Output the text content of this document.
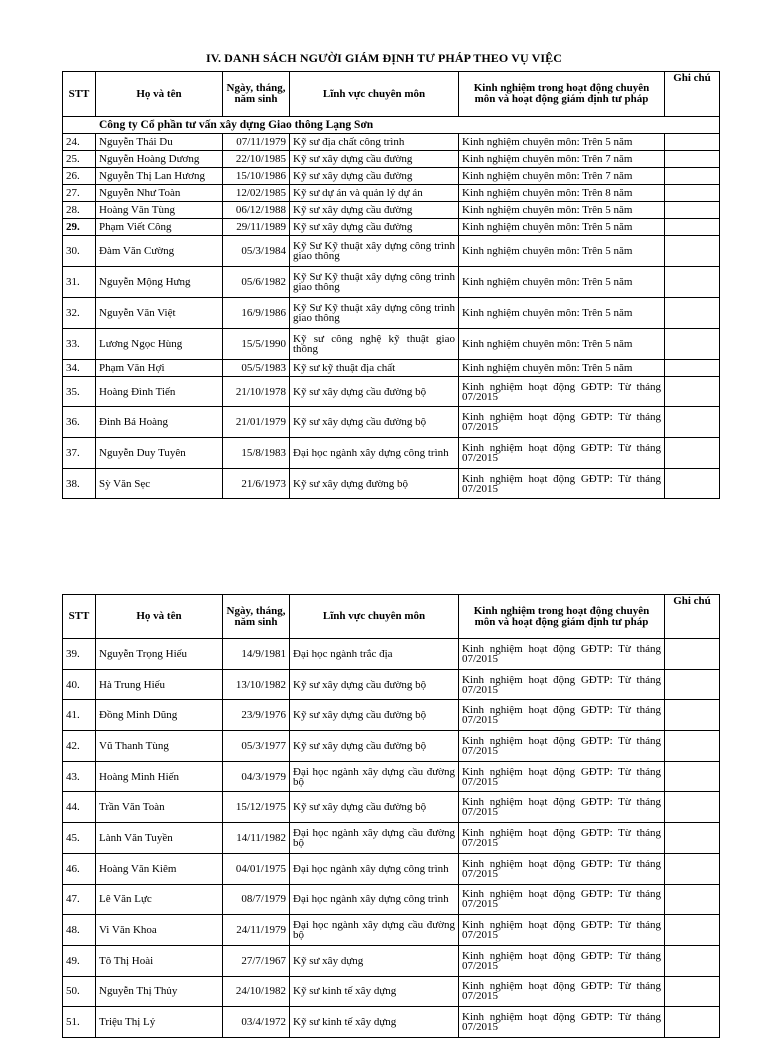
IV. DANH SÁCH NGƯỜI GIÁM ĐỊNH TƯ PHÁP THEO VỤ VIỆC
STT	Họ và tên	Ngày, tháng, năm sinh	Lĩnh vực chuyên môn	Kinh nghiệm trong hoạt động chuyên môn và hoạt động giám định tư pháp	Ghi chú
Công ty Cổ phần tư vấn xây dựng Giao thông Lạng Sơn					
24.	Nguyễn Thái Du	07/11/1979	Kỹ sư địa chất công trình	Kinh nghiệm chuyên môn: Trên 5 năm	
25.	Nguyễn Hoàng Dương	22/10/1985	Kỹ sư xây dựng cầu đường	Kinh nghiệm chuyên môn: Trên 7 năm	
26.	Nguyễn Thị Lan Hương	15/10/1986	Kỹ sư xây dựng cầu đường	Kinh nghiệm chuyên môn: Trên 7 năm	
27.	Nguyễn Như Toàn	12/02/1985	Kỹ sư dự án và quản lý dự án	Kinh nghiệm chuyên môn: Trên 8 năm	
28.	Hoàng Văn Tùng	06/12/1988	Kỹ sư xây dựng cầu đường	Kinh nghiệm chuyên môn: Trên 5 năm	
29.	Phạm Viết Công	29/11/1989	Kỹ sư xây dựng cầu đường	Kinh nghiệm chuyên môn: Trên 5 năm	
30.	Đàm Văn Cường	05/3/1984	Kỹ Sư Kỹ thuật xây dựng công trình giao thông	Kinh nghiệm chuyên môn: Trên 5 năm	
31.	Nguyễn Mộng Hưng	05/6/1982	Kỹ Sư Kỹ thuật xây dựng công trình giao thông	Kinh nghiệm chuyên môn: Trên 5 năm	
32.	Nguyễn Văn Việt	16/9/1986	Kỹ Sư Kỹ thuật xây dựng công trình giao thông	Kinh nghiệm chuyên môn: Trên 5 năm	
33.	Lương Ngọc Hùng	15/5/1990	Kỹ sư công nghệ kỹ thuật giao thông	Kinh nghiệm chuyên môn: Trên 5 năm	
34.	Phạm Văn Hợi	05/5/1983	Kỹ sư kỹ thuật địa chất	Kinh nghiệm chuyên môn: Trên 5 năm	
35.	Hoàng Đình Tiến	21/10/1978	Kỹ sư xây dựng cầu đường bộ	Kinh nghiệm hoạt động GĐTP: Từ tháng 07/2015	
36.	Đinh Bá Hoàng	21/01/1979	Kỹ sư xây dựng cầu đường bộ	Kinh nghiệm hoạt động GĐTP: Từ tháng 07/2015	
37.	Nguyễn Duy Tuyên	15/8/1983	Đại học ngành xây dựng công trình	Kinh nghiệm hoạt động GĐTP: Từ tháng 07/2015	
38.	Sỳ Văn Sẹc	21/6/1973	Kỹ sư xây dựng đường bộ	Kinh nghiệm hoạt động GĐTP: Từ tháng 07/2015	
STT	Họ và tên	Ngày, tháng, năm sinh	Lĩnh vực chuyên môn	Kinh nghiệm trong hoạt động chuyên môn và hoạt động giám định tư pháp	Ghi chú
39.	Nguyễn Trọng Hiếu	14/9/1981	Đại học ngành trắc địa	Kinh nghiệm hoạt động GĐTP: Từ tháng 07/2015	
40.	Hà Trung Hiếu	13/10/1982	Kỹ sư xây dựng cầu đường bộ	Kinh nghiệm hoạt động GĐTP: Từ tháng 07/2015	
41.	Đồng Minh Dũng	23/9/1976	Kỹ sư xây dựng cầu đường bộ	Kinh nghiệm hoạt động GĐTP: Từ tháng 07/2015	
42.	Vũ Thanh Tùng	05/3/1977	Kỹ sư xây dựng cầu đường bộ	Kinh nghiệm hoạt động GĐTP: Từ tháng 07/2015	
43.	Hoàng Minh Hiến	04/3/1979	Đại học ngành xây dựng cầu đường bộ	Kinh nghiệm hoạt động GĐTP: Từ tháng 07/2015	
44.	Trần Văn Toàn	15/12/1975	Kỹ sư xây dựng cầu đường bộ	Kinh nghiệm hoạt động GĐTP: Từ tháng 07/2015	
45.	Lành Văn Tuyền	14/11/1982	Đại học ngành xây dựng cầu đường bộ	Kinh nghiệm hoạt động GĐTP: Từ tháng 07/2015	
46.	Hoàng Văn Kiêm	04/01/1975	Đại học ngành xây dựng công trình	Kinh nghiệm hoạt động GĐTP: Từ tháng 07/2015	
47.	Lê Văn Lực	08/7/1979	Đại học ngành xây dựng công trình	Kinh nghiệm hoạt động GĐTP: Từ tháng 07/2015	
48.	Vi Văn Khoa	24/11/1979	Đại học ngành xây dựng cầu đường bộ	Kinh nghiệm hoạt động GĐTP: Từ tháng 07/2015	
49.	Tô Thị Hoài	27/7/1967	Kỹ sư xây dựng	Kinh nghiệm hoạt động GĐTP: Từ tháng 07/2015	
50.	Nguyễn Thị Thủy	24/10/1982	Kỹ sư kinh tế xây dựng	Kinh nghiệm hoạt động GĐTP: Từ tháng 07/2015	
51.	Triệu Thị Lý	03/4/1972	Kỹ sư kinh tế xây dựng	Kinh nghiệm hoạt động GĐTP: Từ tháng 07/2015	
